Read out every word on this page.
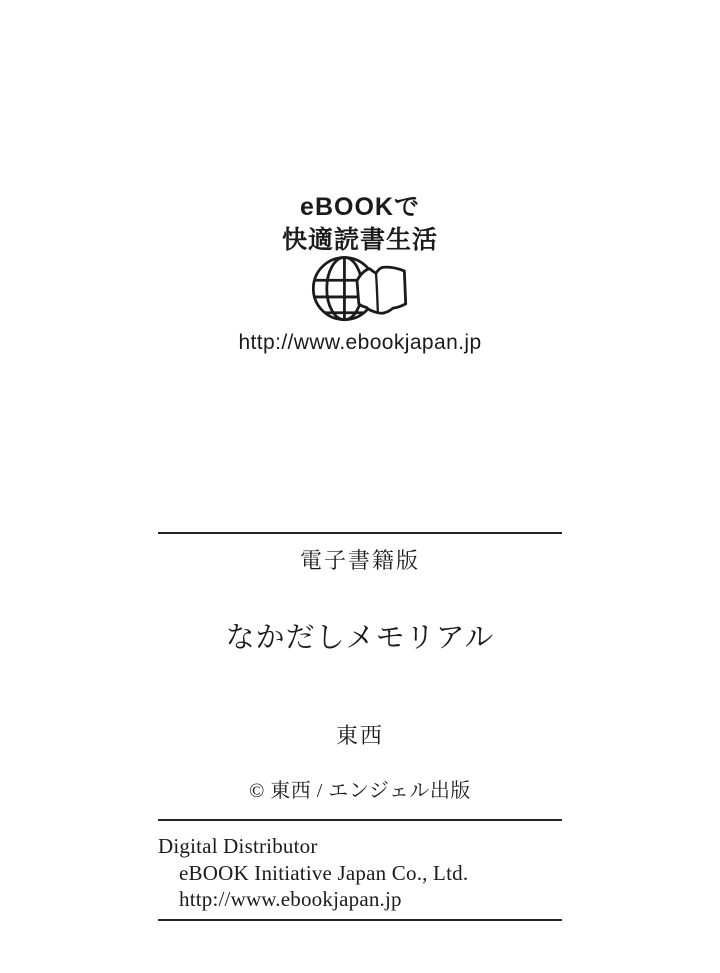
eBOOKで
快適読書生活
http://www.ebookjapan.jp
電子書籍版
なかだしメモリアル
東西
© 東西 / エンジェル出版
Digital Distributor
eBOOK Initiative Japan Co., Ltd.
http://www.ebookjapan.jp
